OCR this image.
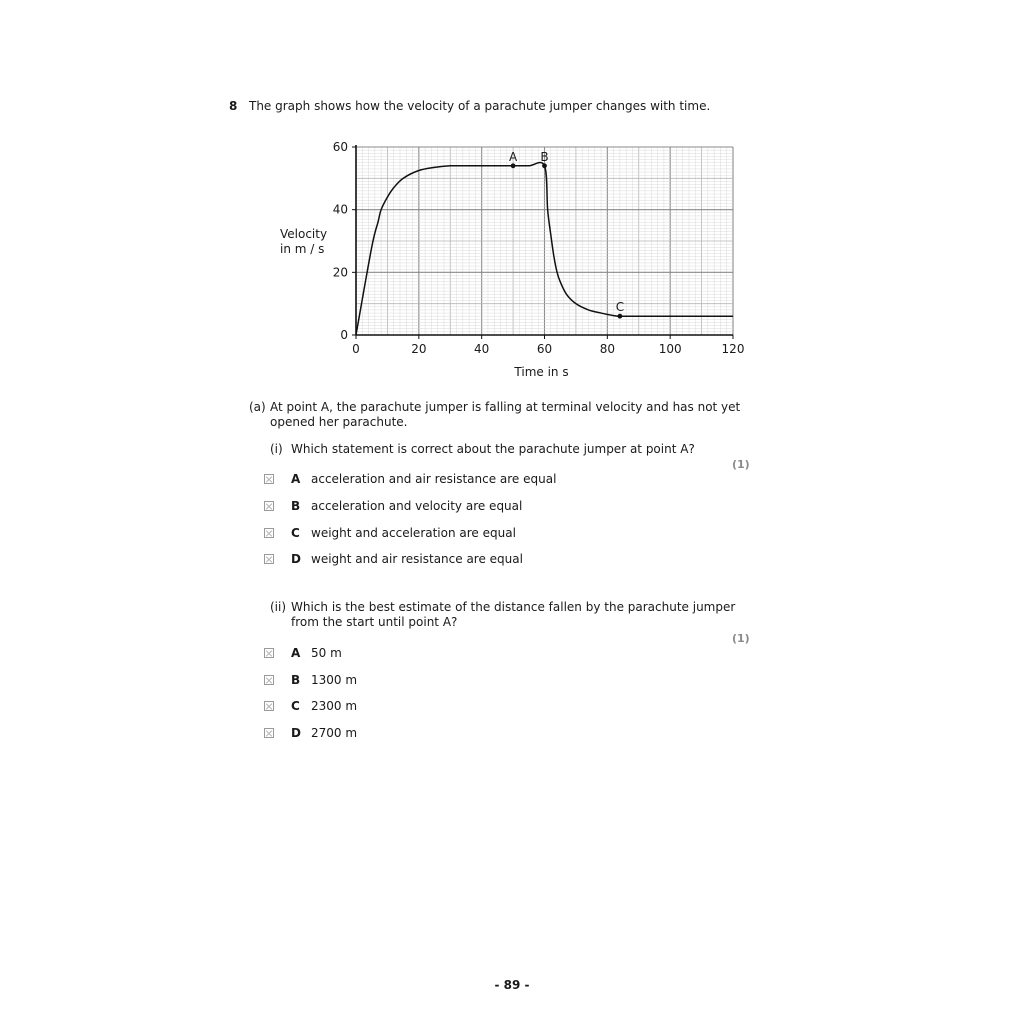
8 The graph shows how the velocity of a parachute jumper changes with time.
0	20	40	60	80	100	120
0
20
40
60
Time in s
Velocity
in m / s
A B
C
(a) At point A, the parachute jumper is falling at terminal velocity and has not yet
opened her parachute.
(i) Which statement is correct about the parachute jumper at point A?
(1)
A acceleration and air resistance are equal
B acceleration and velocity are equal
C weight and acceleration are equal
D weight and air resistance are equal
(ii) Which is the best estimate of the distance fallen by the parachute jumper
from the start until point A?
(1)
A 50 m
B 1300 m
C 2300 m
D 2700 m
- 89 -
